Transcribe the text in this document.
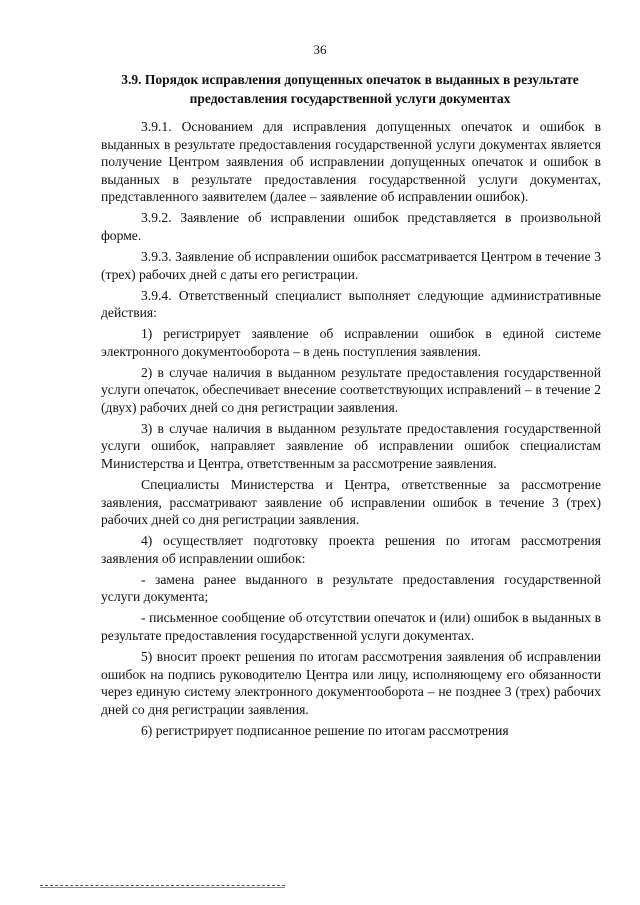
36
3.9. Порядок исправления допущенных опечаток в выданных в результате предоставления государственной услуги документах

3.9.1. Основанием для исправления допущенных опечаток и ошибок в выданных в результате предоставления государственной услуги документах является получение Центром заявления об исправлении допущенных опечаток и ошибок в выданных в результате предоставления государственной услуги документах, представленного заявителем (далее – заявление об исправлении ошибок).

3.9.2. Заявление об исправлении ошибок представляется в произвольной форме.

3.9.3. Заявление об исправлении ошибок рассматривается Центром в течение 3 (трех) рабочих дней с даты его регистрации.

3.9.4. Ответственный специалист выполняет следующие административные действия:

1) регистрирует заявление об исправлении ошибок в единой системе электронного документооборота – в день поступления заявления.

2) в случае наличия в выданном результате предоставления государственной услуги опечаток, обеспечивает внесение соответствующих исправлений – в течение 2 (двух) рабочих дней со дня регистрации заявления.

3) в случае наличия в выданном результате предоставления государственной услуги ошибок, направляет заявление об исправлении ошибок специалистам Министерства и Центра, ответственным за рассмотрение заявления.

Специалисты Министерства и Центра, ответственные за рассмотрение заявления, рассматривают заявление об исправлении ошибок в течение 3 (трех) рабочих дней со дня регистрации заявления.

4) осуществляет подготовку проекта решения по итогам рассмотрения заявления об исправлении ошибок:

- замена ранее выданного в результате предоставления государственной услуги документа;

- письменное сообщение об отсутствии опечаток и (или) ошибок в выданных в результате предоставления государственной услуги документах.

5) вносит проект решения по итогам рассмотрения заявления об исправлении ошибок на подпись руководителю Центра или лицу, исполняющему его обязанности через единую систему электронного документооборота – не позднее 3 (трех) рабочих дней со дня регистрации заявления.

6) регистрирует подписанное решение по итогам рассмотрения
